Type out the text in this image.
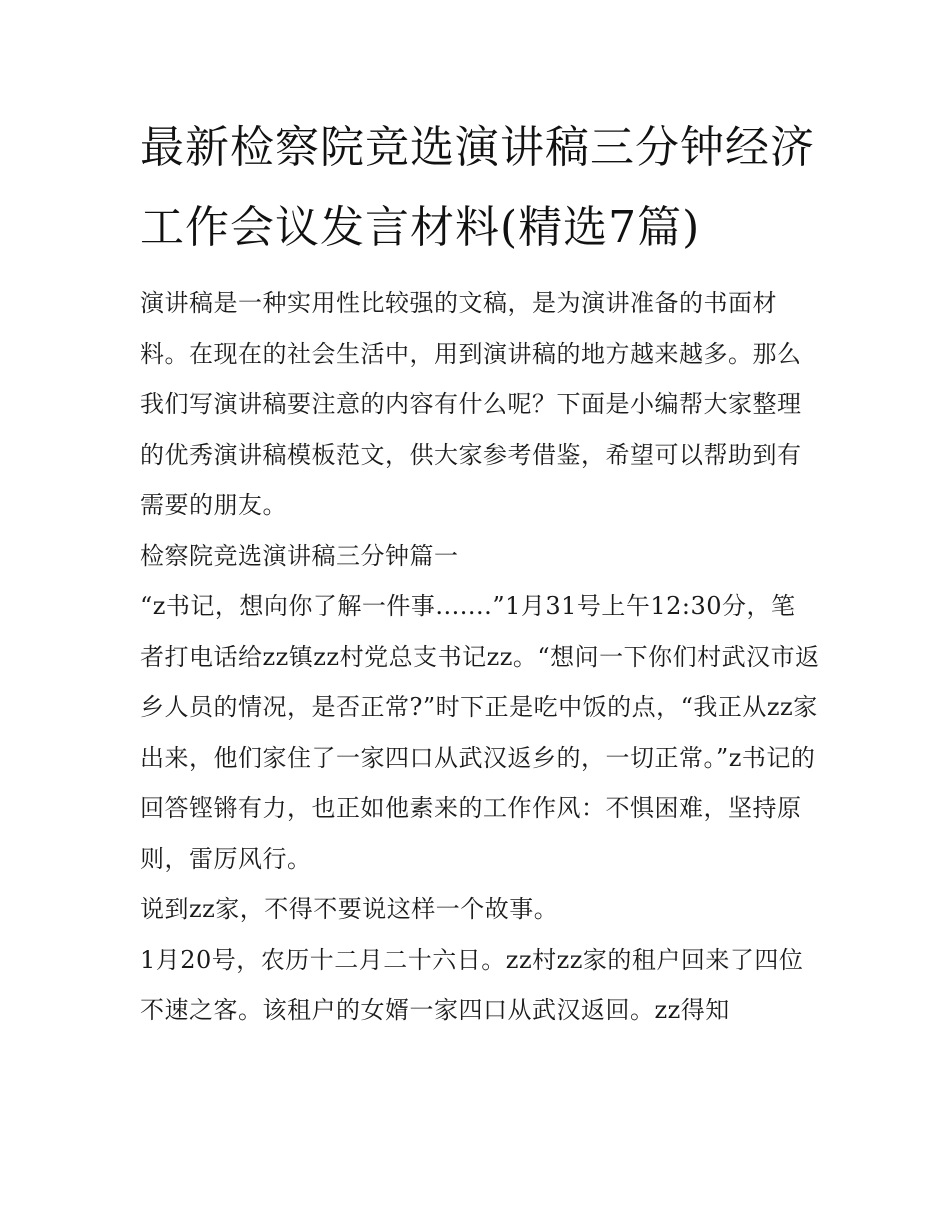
最新检察院竞选演讲稿三分钟经济工作会议发言材料(精选7篇)

演讲稿是一种实用性比较强的文稿，是为演讲准备的书面材料。在现在的社会生活中，用到演讲稿的地方越来越多。那么我们写演讲稿要注意的内容有什么呢？下面是小编帮大家整理的优秀演讲稿模板范文，供大家参考借鉴，希望可以帮助到有需要的朋友。

检察院竞选演讲稿三分钟篇一

“z书记，想向你了解一件事.......”1月31号上午12:30分，笔者打电话给zz镇zz村党总支书记zz。“想问一下你们村武汉市返乡人员的情况，是否正常?”时下正是吃中饭的点，“我正从zz家出来，他们家住了一家四口从武汉返乡的，一切正常。”z书记的回答铿锵有力，也正如他素来的工作作风：不惧困难，坚持原则，雷厉风行。

说到zz家，不得不要说这样一个故事。

1月20号，农历十二月二十六日。zz村zz家的租户回来了四位不速之客。该租户的女婿一家四口从武汉返回。zz得知
